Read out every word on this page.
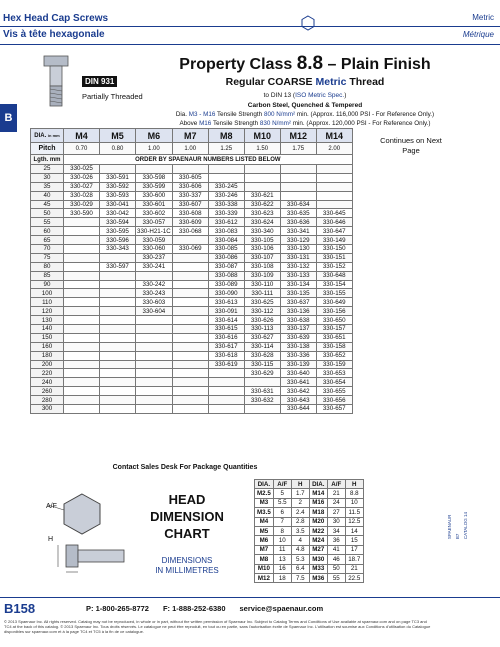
Hex Head Cap Screws
Vis à tête hexagonale
Metric
Métrique
B
DIN 931
Partially Threaded
Property Class 8.8 – Plain Finish
Regular COARSE Metric Thread
to DIN 13 (ISO Metric Spec.)
Carbon Steel, Quenched & Tempered
Dia. M3 - M16 Tensile Strength 800 N/mm² min. (Approx. 116,000 PSI - For Reference Only.)
Above M16 Tensile Strength 830 N/mm² min. (Approx. 120,000 PSI - For Reference Only.)
Continues on Next Page
DIA. in mm	M4	M5	M6	M7	M8	M10	M12	M14
Pitch	0.70	0.80	1.00	1.00	1.25	1.50	1.75	2.00
Lgth. mm	ORDER BY SPAENAUR NUMBERS LISTED BELOW							
25	330-025							
30	330-026	330-591	330-598	330-605				
35	330-027	330-592	330-599	330-606	330-245			
40	330-028	330-593	330-600	330-337	330-246	330-621		
45	330-029	330-041	330-601	330-607	330-338	330-622	330-634	
50	330-590	330-042	330-602	330-608	330-339	330-623	330-635	330-645
55		330-594	330-057	330-609	330-612	330-624	330-636	330-646
60		330-595	330-H21-1C	330-068	330-083	330-340	330-341	330-647
65		330-596	330-059		330-084	330-105	330-129	330-149
70		330-343	330-060	330-069	330-085	330-106	330-130	330-150
75			330-237		330-086	330-107	330-131	330-151
80		330-597	330-241		330-087	330-108	330-132	330-152
85					330-088	330-109	330-133	330-648
90			330-242		330-089	330-110	330-134	330-154
100			330-243		330-090	330-111	330-135	330-155
110			330-603		330-613	330-625	330-637	330-649
120			330-604		330-091	330-112	330-136	330-156
130					330-614	330-626	330-638	330-650
140					330-615	330-113	330-137	330-157
150					330-616	330-627	330-639	330-651
160					330-617	330-114	330-138	330-158
180					330-618	330-628	330-336	330-652
200					330-619	330-115	330-139	330-159
220						330-629	330-640	330-653
240							330-641	330-654
260						330-631	330-642	330-655
280						330-632	330-643	330-656
300							330-644	330-657
Contact Sales Desk For Package Quantities
A/F
H
HEAD
DIMENSION
CHART
DIMENSIONS
IN MILLIMETRES
DIA.	A/F	H	DIA.	A/F	H
M2.5	5	1.7	M14	21	8.8
M3	5.5	2	M16	24	10
M3.5	6	2.4	M18	27	11.5
M4	7	2.8	M20	30	12.5
M5	8	3.5	M22	34	14
M6	10	4	M24	36	15
M7	11	4.8	M27	41	17
M8	13	5.3	M30	46	18.7
M10	16	6.4	M33	50	21
M12	18	7.5	M36	55	22.5
SPAENAUR B7 CATALOG 14
B158	P: 1-800-265-8772 F: 1-888-252-6380 service@spaenaur.com
© 2013 Spaenaur Inc. All rights reserved. Catalog may not be reproduced, in whole or in part, without the written permission of Spaenaur Inc. Subject to Catalog Terms and Conditions of Use available at spaenaur.com and on page TC3 and
TC4 at the back of this catalog. © 2013 Spaenaur Inc. Tous droits réservés. Le catalogue ne peut être reproduit, en tout ou en partie, sans l'autorisation écrite de Spaenaur Inc. L'utilisation est soumise aux Conditions d'utilisation du Catalogue
disponibles sur spaenaur.com et à la page TC4 et TC5 à la fin de ce catalogue.
